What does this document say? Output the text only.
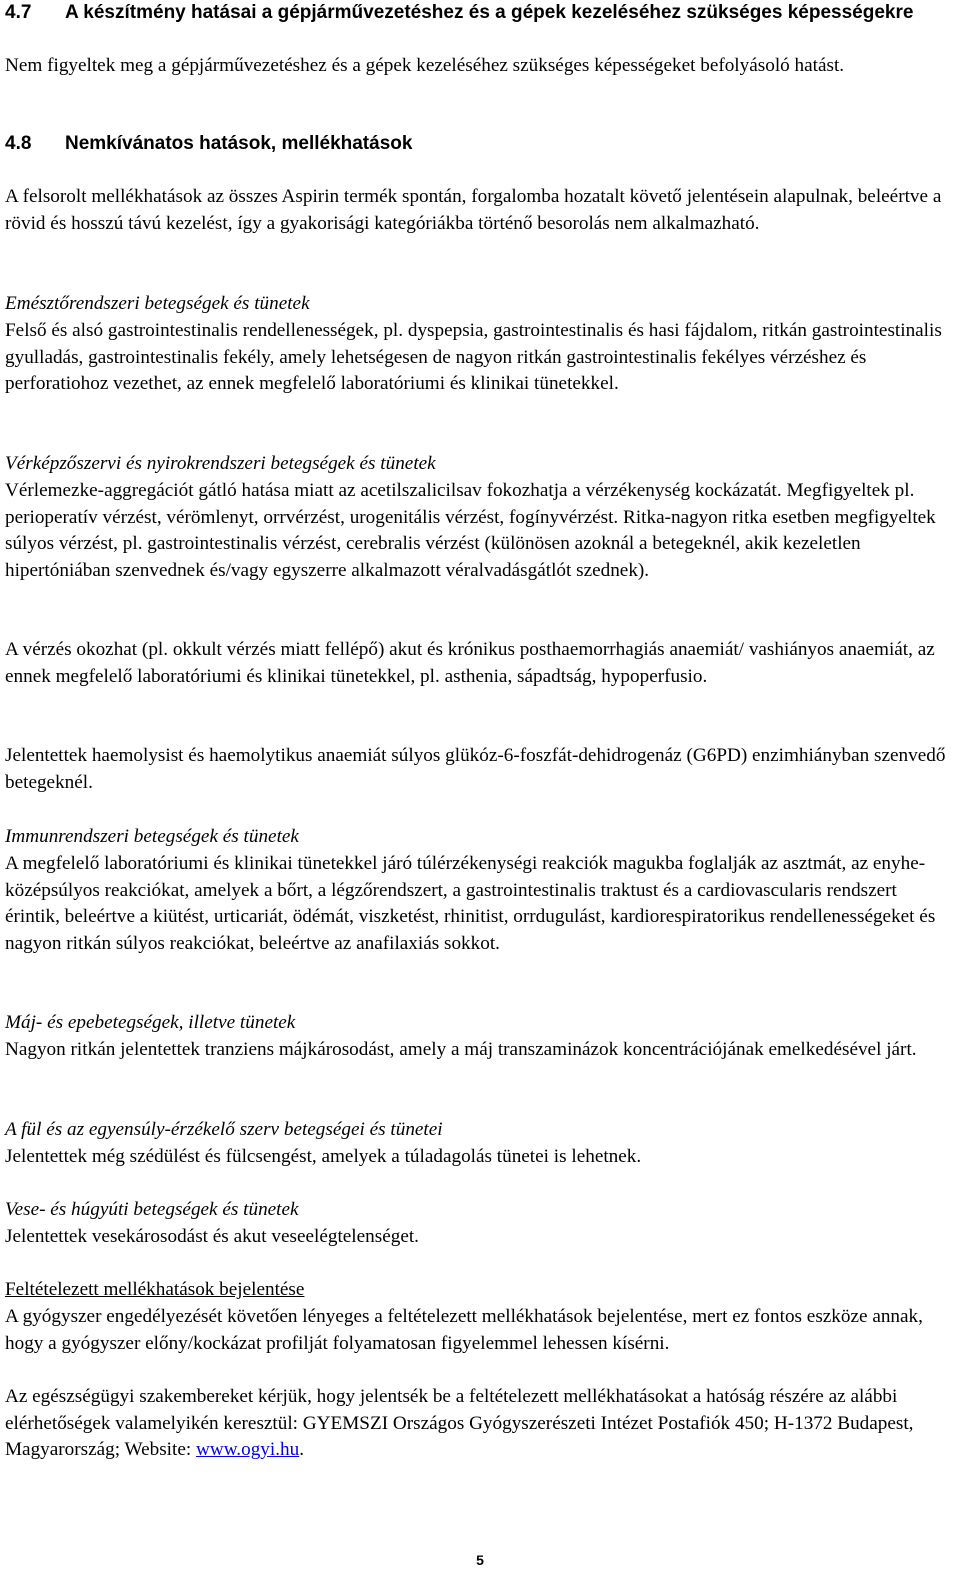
4.7 A készítmény hatásai a gépjárművezetéshez és a gépek kezeléséhez szükséges képességekre

Nem figyeltek meg a gépjárművezetéshez és a gépek kezeléséhez szükséges képességeket befolyásoló hatást.

4.8 Nemkívánatos hatások, mellékhatások

A felsorolt mellékhatások az összes Aspirin termék spontán, forgalomba hozatalt követő jelentésein alapulnak, beleértve a rövid és hosszú távú kezelést, így a gyakorisági kategóriákba történő besorolás nem alkalmazható.

Emésztőrendszeri betegségek és tünetek

Felső és alsó gastrointestinalis rendellenességek, pl. dyspepsia, gastrointestinalis és hasi fájdalom, ritkán gastrointestinalis gyulladás, gastrointestinalis fekély, amely lehetségesen de nagyon ritkán gastrointestinalis fekélyes vérzéshez és perforatiohoz vezethet, az ennek megfelelő laboratóriumi és klinikai tünetekkel.

Vérképzőszervi és nyirokrendszeri betegségek és tünetek

Vérlemezke-aggregációt gátló hatása miatt az acetilszalicilsav fokozhatja a vérzékenység kockázatát. Megfigyeltek pl. perioperatív vérzést, vérömlenyt, orrvérzést, urogenitális vérzést, fogínyvérzést. Ritka-nagyon ritka esetben megfigyeltek súlyos vérzést, pl. gastrointestinalis vérzést, cerebralis vérzést (különösen azoknál a betegeknél, akik kezeletlen hipertóniában szenvednek és/vagy egyszerre alkalmazott véralvadásgátlót szednek).

A vérzés okozhat (pl. okkult vérzés miatt fellépő) akut és krónikus posthaemorrhagiás anaemiát/ vashiányos anaemiát, az ennek megfelelő laboratóriumi és klinikai tünetekkel, pl. asthenia, sápadtság, hypoperfusio.

Jelentettek haemolysist és haemolytikus anaemiát súlyos glükóz-6-foszfát-dehidrogenáz (G6PD) enzimhiányban szenvedő betegeknél.

Immunrendszeri betegségek és tünetek

A megfelelő laboratóriumi és klinikai tünetekkel járó túlérzékenységi reakciók magukba foglalják az asztmát, az enyhe-középsúlyos reakciókat, amelyek a bőrt, a légzőrendszert, a gastrointestinalis traktust és a cardiovascularis rendszert érintik, beleértve a kiütést, urticariát, ödémát, viszketést, rhinitist, orrdugulást, kardiorespiratorikus rendellenességeket és nagyon ritkán súlyos reakciókat, beleértve az anafilaxiás sokkot.

Máj- és epebetegségek, illetve tünetek

Nagyon ritkán jelentettek tranziens májkárosodást, amely a máj transzaminázok koncentrációjának emelkedésével járt.

A fül és az egyensúly-érzékelő szerv betegségei és tünetei

Jelentettek még szédülést és fülcsengést, amelyek a túladagolás tünetei is lehetnek.

Vese- és húgyúti betegségek és tünetek

Jelentettek vesekárosodást és akut veseelégtelenséget.

Feltételezett mellékhatások bejelentése

A gyógyszer engedélyezését követően lényeges a feltételezett mellékhatások bejelentése, mert ez fontos eszköze annak, hogy a gyógyszer előny/kockázat profilját folyamatosan figyelemmel lehessen kísérni.

Az egészségügyi szakembereket kérjük, hogy jelentsék be a feltételezett mellékhatásokat a hatóság részére az alábbi elérhetőségek valamelyikén keresztül: GYEMSZI Országos Gyógyszerészeti Intézet Postafiók 450; H-1372 Budapest, Magyarország; Website: www.ogyi.hu.

5
